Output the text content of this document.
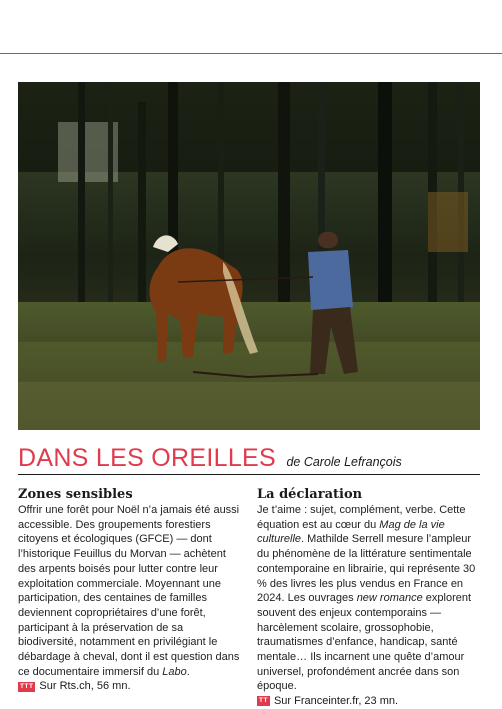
DANS LES OREILLES de Carole Lefrançois
Zones sensibles

Offrir une forêt pour Noël n’a jamais été aussi accessible. Des groupements forestiers citoyens et écologiques (GFCE) — dont l’historique Feuillus du Morvan — achètent des arpents boisés pour lutter contre leur exploitation commerciale. Moyennant une participation, des centaines de familles deviennent copropriétaires d’une forêt, participant à la préservation de sa biodiversité, notamment en privilégiant le débardage à cheval, dont il est question dans ce documentaire immersif du Labo.

TTT Sur Rts.ch, 56 mn.
La déclaration

Je t’aime : sujet, complément, verbe. Cette équation est au cœur du Mag de la vie culturelle. Mathilde Serrell mesure l’ampleur du phénomène de la littérature sentimentale contemporaine en librairie, qui représente 30 % des livres les plus vendus en France en 2024. Les ouvrages new romance explorent souvent des enjeux contemporains — harcèlement scolaire, grossophobie, traumatismes d’enfance, handicap, santé mentale… Ils incarnent une quête d’amour universel, profondément ancrée dans son époque.

TT Sur Franceinter.fr, 23 mn.
